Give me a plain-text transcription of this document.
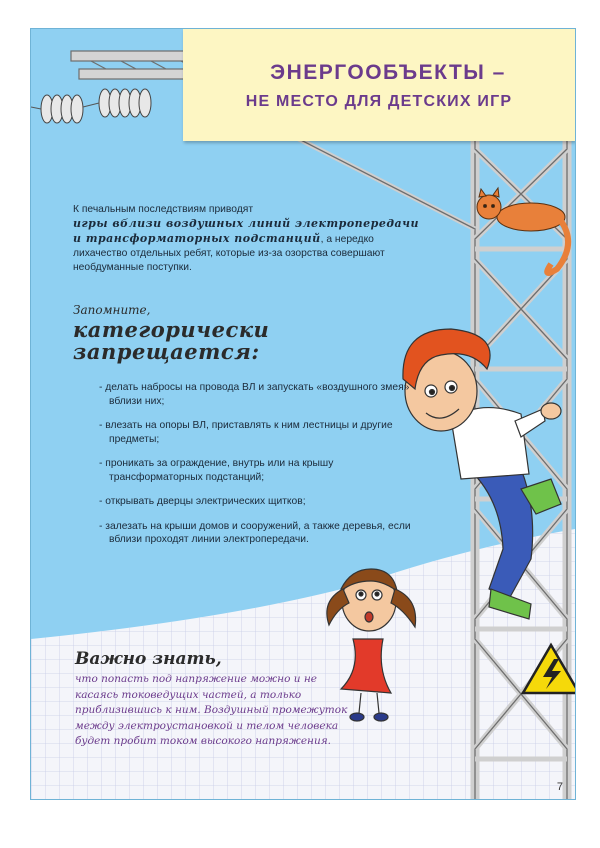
ЭНЕРГООБЪЕКТЫ –
НЕ МЕСТО ДЛЯ ДЕТСКИХ ИГР

К печальным последствиям приводят
игры вблизи воздушных линий электропередачи и трансформаторных подстанций, а нередко лихачество отдельных ребят, которые из-за озорства совершают необдуманные поступки.

Запомните,
категорически
запрещается:
- делать набросы на провода ВЛ и запускать «воздушного змея» вблизи них;
- влезать на опоры ВЛ, приставлять к ним лестницы и другие предметы;
- проникать за ограждение, внутрь или на крышу трансформаторных подстанций;
- открывать дверцы электрических щитков;
- залезать на крыши домов и сооружений, а также деревья, если вблизи проходят линии электропередачи.
Важно знать,

что попасть под напряжение можно и не касаясь токоведущих частей, а только приблизившись к ним. Воздушный промежуток между электроустановкой и телом человека будет пробит током высокого напряжения.

7
